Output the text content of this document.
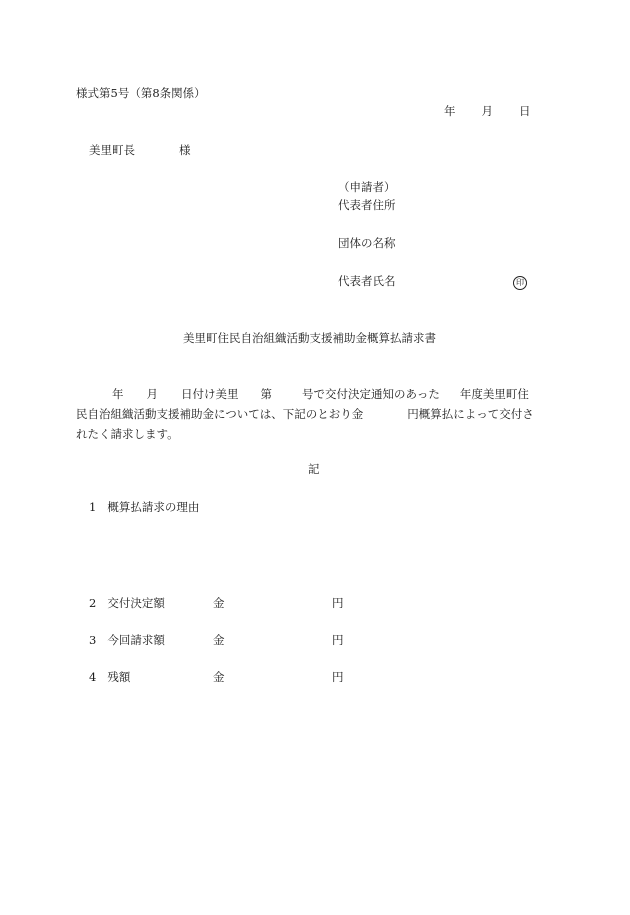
様式第5号（第8条関係）
年 月 日
美里町長	様
（申請者）
代表者住所
団体の名称
代表者氏名	印
美里町住民自治組織活動支援補助金概算払請求書
年 月 日付け美里 第	号で交付決定通知のあった 年度美里町住
民自治組織活動支援補助金については、下記のとおり金	円概算払によって交付さ
れたく請求します。
記
1 概算払請求の理由
2 交付決定額	金	円
3 今回請求額	金	円
4 残額	金	円
